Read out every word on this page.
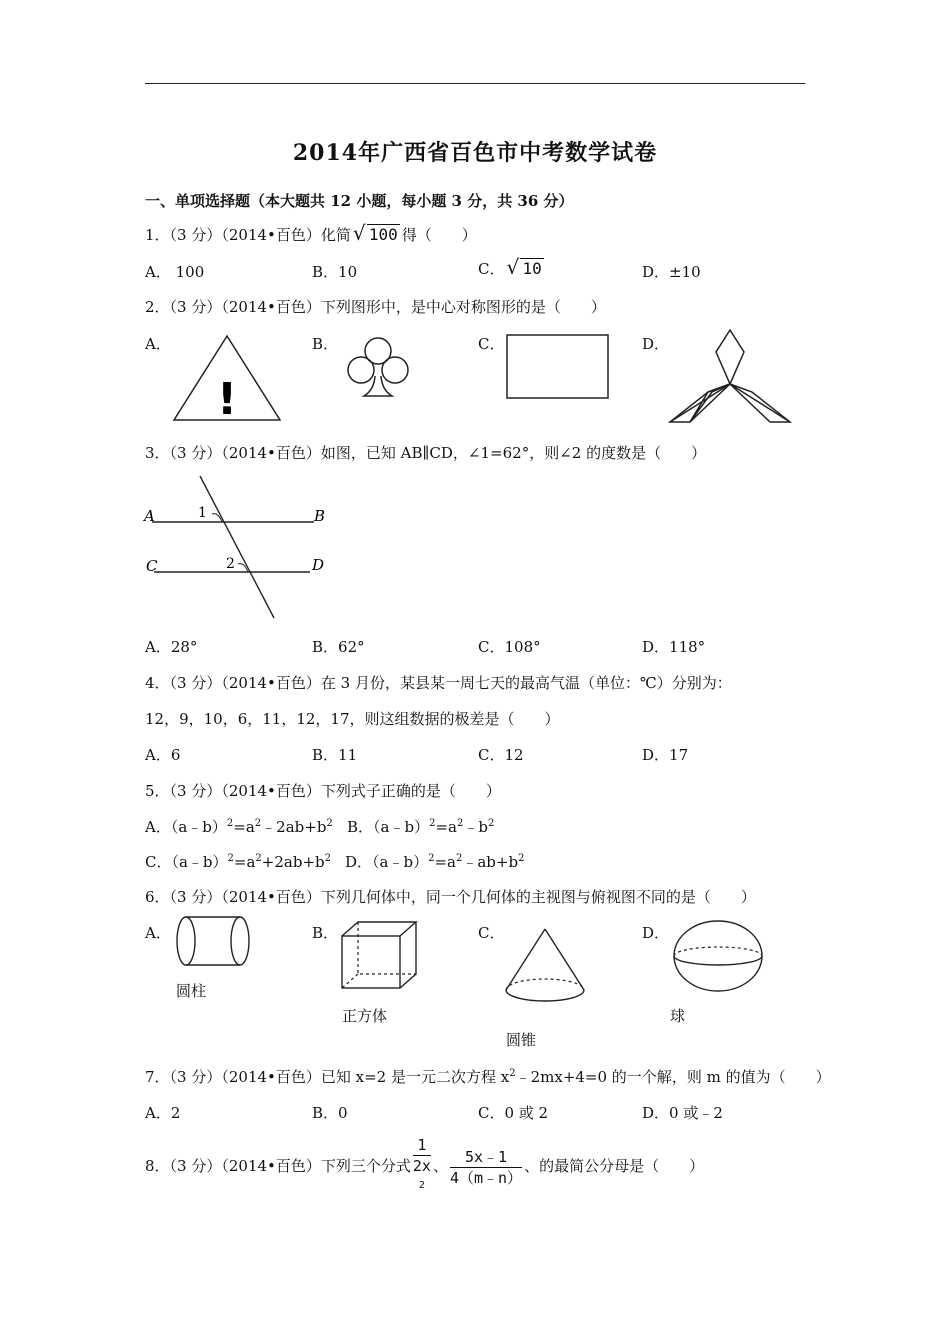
2014年广西省百色市中考数学试卷
一、单项选择题（本大题共 12 小题，每小题 3 分，共 36 分）
1．（3 分）（2014•百色）化简 √ 100 得（　　）
A． 100	B．10	C． √ 10	D．±10
2．（3 分）（2014•百色）下列图形中，是中心对称图形的是（　　）
A．	B．	C．	D．
!
3．（3 分）（2014•百色）如图，已知 AB∥CD，∠1=62°，则∠2 的度数是（　　）
A	B
C	D
1
2
A．28°	B．62°	C．108°	D．118°
4．（3 分）（2014•百色）在 3 月份，某县某一周七天的最高气温（单位：℃）分别为：
12，9，10，6，11，12，17，则这组数据的极差是（　　）
A．6	B．11	C．12	D．17
5．（3 分）（2014•百色）下列式子正确的是（　　）
A．$(a﹣b)^2=a^2﹣2ab+b^2$ B．$(a﹣b)^2=a^2﹣b^2$
C．$(a﹣b)^2=a^2+2ab+b^2$ D．$(a﹣b)^2=a^2﹣ab+b^2$
6．（3 分）（2014•百色）下列几何体中，同一个几何体的主视图与俯视图不同的是（　　）
A．	B．	C．	D．
圆柱
正方体
圆锥
球
7．（3 分）（2014•百色）已知 x=2 是一元二次方程 $x^2﹣2mx+4=0$ 的一个解，则 m 的值为（　　）
A．2	B．0	C．0 或 2	D．0 或﹣2
8．（3 分）（2014•百色）下列三个分式 1
2x
$^2$ 、 $\frac{5x﹣1}{4(m﹣n)}$ 、的最简公分母是（　　）
